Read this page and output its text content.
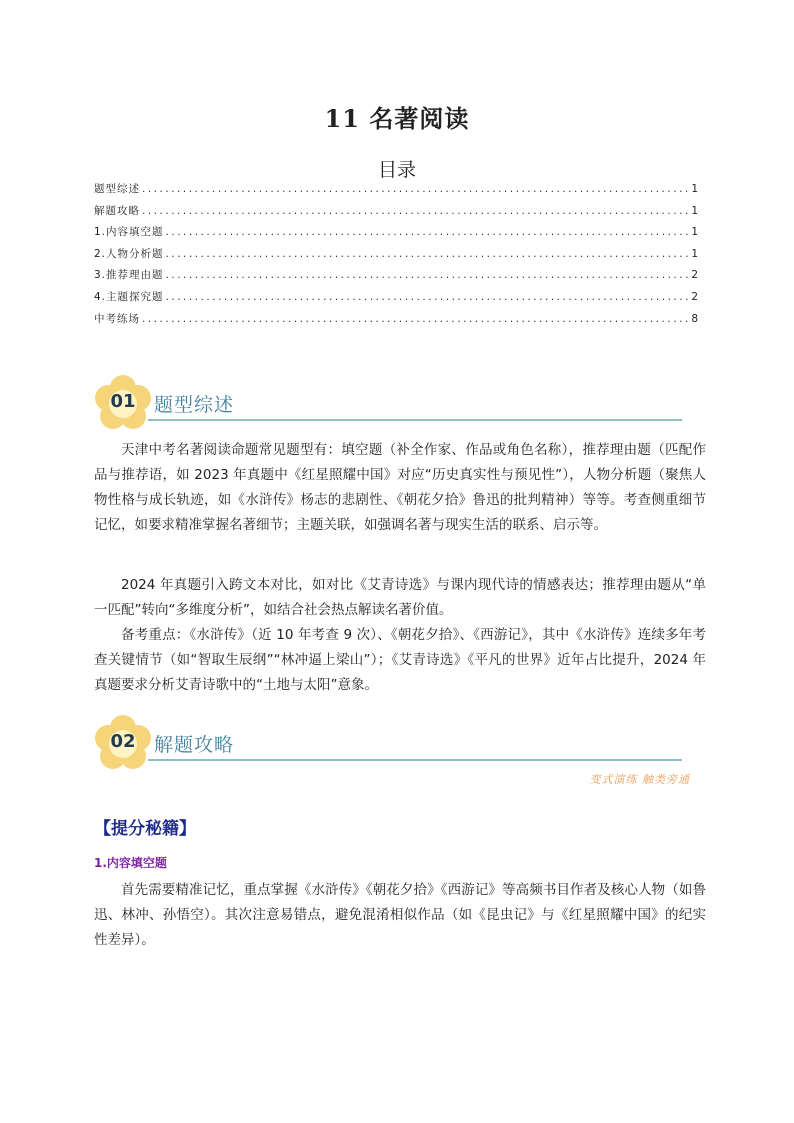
11 名著阅读
目录
题型综述 .....	1
解题攻略 .....	1
1.内容填空题 .....	1
2.人物分析题 .....	1
3.推荐理由题 .....	2
4.主题探究题 .....	2
中考练场 .....	8
01 题型综述
天津中考名著阅读命题常见题型有：填空题（补全作家、作品或角色名称），推荐理由题（匹配作品与推荐语，如 2023 年真题中《红星照耀中国》对应“历史真实性与预见性”），人物分析题（聚焦人物性格与成长轨迹，如《水浒传》杨志的悲剧性、《朝花夕拾》鲁迅的批判精神）等等。考查侧重细节记忆，如要求精准掌握名著细节；主题关联，如强调名著与现实生活的联系、启示等。
2024 年真题引入跨文本对比，如对比《艾青诗选》与课内现代诗的情感表达；推荐理由题从“单一匹配”转向“多维度分析”，如结合社会热点解读名著价值。
备考重点：《水浒传》（近 10 年考查 9 次）、《朝花夕拾》、《西游记》，其中《水浒传》连续多年考查关键情节（如“智取生辰纲”“林冲逼上梁山”）；《艾青诗选》《平凡的世界》近年占比提升，2024 年真题要求分析艾青诗歌中的“土地与太阳”意象。
02 解题攻略
变式演练 触类旁通
【提分秘籍】
1.内容填空题
首先需要精准记忆，重点掌握《水浒传》《朝花夕拾》《西游记》等高频书目作者及核心人物（如鲁迅、林冲、孙悟空）。其次注意易错点，避免混淆相似作品（如《昆虫记》与《红星照耀中国》的纪实性差异）。
